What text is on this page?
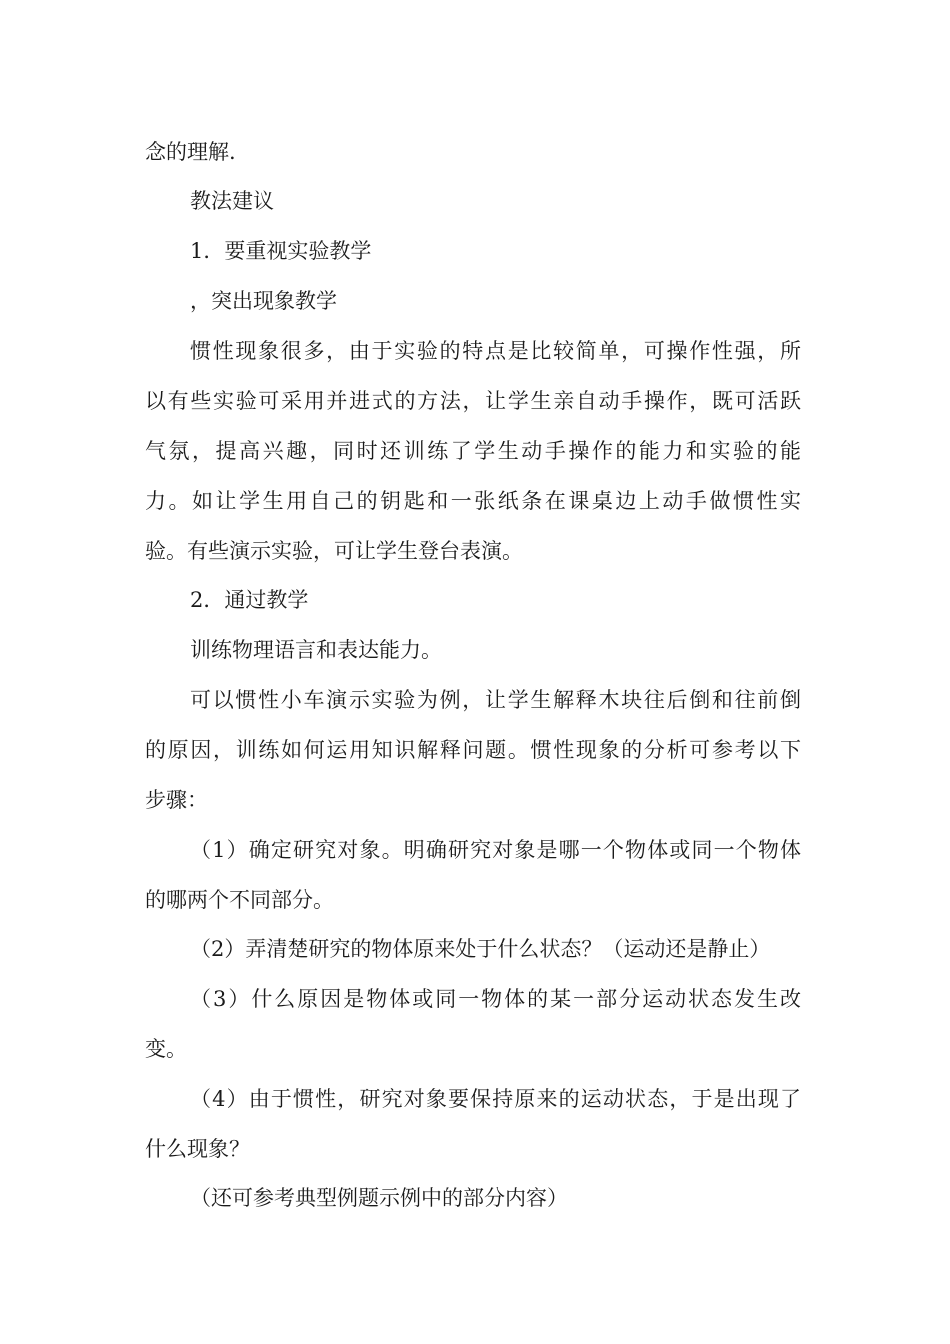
念的理解.
教法建议
1．要重视实验教学
，突出现象教学
惯性现象很多，由于实验的特点是比较简单，可操作性强，所
以有些实验可采用并进式的方法，让学生亲自动手操作，既可活跃
气氛，提高兴趣，同时还训练了学生动手操作的能力和实验的能
力。如让学生用自己的钥匙和一张纸条在课桌边上动手做惯性实
验。有些演示实验，可让学生登台表演。
2．通过教学
训练物理语言和表达能力。
可以惯性小车演示实验为例，让学生解释木块往后倒和往前倒
的原因，训练如何运用知识解释问题。惯性现象的分析可参考以下
步骤：
（1）确定研究对象。明确研究对象是哪一个物体或同一个物体
的哪两个不同部分。
（2）弄清楚研究的物体原来处于什么状态？（运动还是静止）
（3）什么原因是物体或同一物体的某一部分运动状态发生改
变。
（4）由于惯性，研究对象要保持原来的运动状态，于是出现了
什么现象？
（还可参考典型例题示例中的部分内容）
